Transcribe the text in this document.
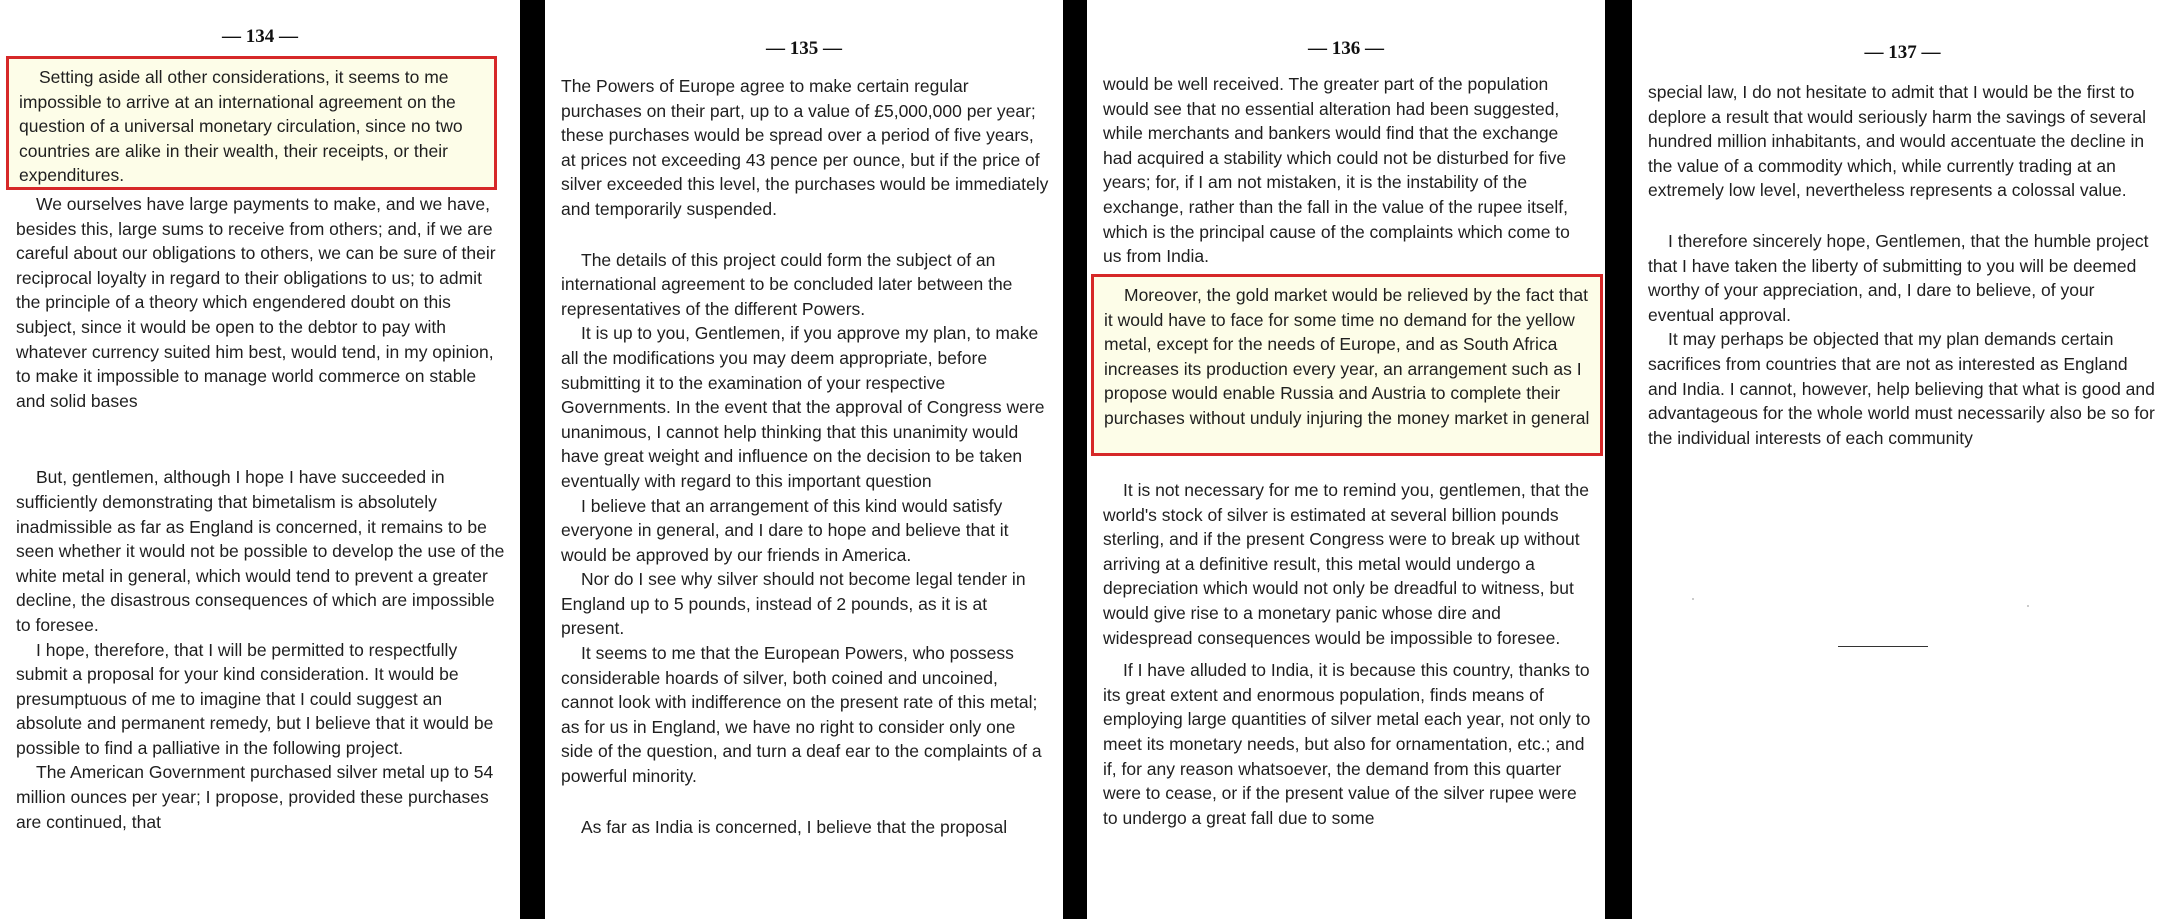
— 134 —

Setting aside all other considerations, it seems to me impossible to arrive at an international agreement on the question of a universal monetary circulation, since no two countries are alike in their wealth, their receipts, or their expenditures.

We ourselves have large payments to make, and we have, besides this, large sums to receive from others; and, if we are careful about our obligations to others, we can be sure of their reciprocal loyalty in regard to their obligations to us; to admit the principle of a theory which engendered doubt on this subject, since it would be open to the debtor to pay with whatever currency suited him best, would tend, in my opinion, to make it impossible to manage world commerce on stable and solid bases

But, gentlemen, although I hope I have succeeded in sufficiently demonstrating that bimetalism is absolutely inadmissible as far as England is concerned, it remains to be seen whether it would not be possible to develop the use of the white metal in general, which would tend to prevent a greater decline, the disastrous consequences of which are impossible to foresee.

I hope, therefore, that I will be permitted to respectfully submit a proposal for your kind consideration. It would be presumptuous of me to imagine that I could suggest an absolute and permanent remedy, but I believe that it would be possible to find a palliative in the following project.

The American Government purchased silver metal up to 54 million ounces per year; I propose, provided these purchases are continued, that

— 135 —

The Powers of Europe agree to make certain regular purchases on their part, up to a value of £5,000,000 per year; these purchases would be spread over a period of five years, at prices not exceeding 43 pence per ounce, but if the price of silver exceeded this level, the purchases would be immediately and temporarily suspended.

The details of this project could form the subject of an international agreement to be concluded later between the representatives of the different Powers.

It is up to you, Gentlemen, if you approve my plan, to make all the modifications you may deem appropriate, before submitting it to the examination of your respective Governments. In the event that the approval of Congress were unanimous, I cannot help thinking that this unanimity would have great weight and influence on the decision to be taken eventually with regard to this important question

I believe that an arrangement of this kind would satisfy everyone in general, and I dare to hope and believe that it would be approved by our friends in America.

Nor do I see why silver should not become legal tender in England up to 5 pounds, instead of 2 pounds, as it is at present.

It seems to me that the European Powers, who possess considerable hoards of silver, both coined and uncoined, cannot look with indifference on the present rate of this metal; as for us in England, we have no right to consider only one side of the question, and turn a deaf ear to the complaints of a powerful minority.

As far as India is concerned, I believe that the proposal

— 136 —

would be well received. The greater part of the population would see that no essential alteration had been suggested, while merchants and bankers would find that the exchange had acquired a stability which could not be disturbed for five years; for, if I am not mistaken, it is the instability of the exchange, rather than the fall in the value of the rupee itself, which is the principal cause of the complaints which come to us from India.

Moreover, the gold market would be relieved by the fact that it would have to face for some time no demand for the yellow metal, except for the needs of Europe, and as South Africa increases its production every year, an arrangement such as I propose would enable Russia and Austria to complete their purchases without unduly injuring the money market in general

It is not necessary for me to remind you, gentlemen, that the world's stock of silver is estimated at several billion pounds sterling, and if the present Congress were to break up without arriving at a definitive result, this metal would undergo a depreciation which would not only be dreadful to witness, but would give rise to a monetary panic whose dire and widespread consequences would be impossible to foresee.

If I have alluded to India, it is because this country, thanks to its great extent and enormous population, finds means of employing large quantities of silver metal each year, not only to meet its monetary needs, but also for ornamentation, etc.; and if, for any reason whatsoever, the demand from this quarter were to cease, or if the present value of the silver rupee were to undergo a great fall due to some

— 137 —

special law, I do not hesitate to admit that I would be the first to deplore a result that would seriously harm the savings of several hundred million inhabitants, and would accentuate the decline in the value of a commodity which, while currently trading at an extremely low level, nevertheless represents a colossal value.

I therefore sincerely hope, Gentlemen, that the humble project that I have taken the liberty of submitting to you will be deemed worthy of your appreciation, and, I dare to believe, of your eventual approval.

It may perhaps be objected that my plan demands certain sacrifices from countries that are not as interested as England and India. I cannot, however, help believing that what is good and advantageous for the whole world must necessarily also be so for the individual interests of each community
